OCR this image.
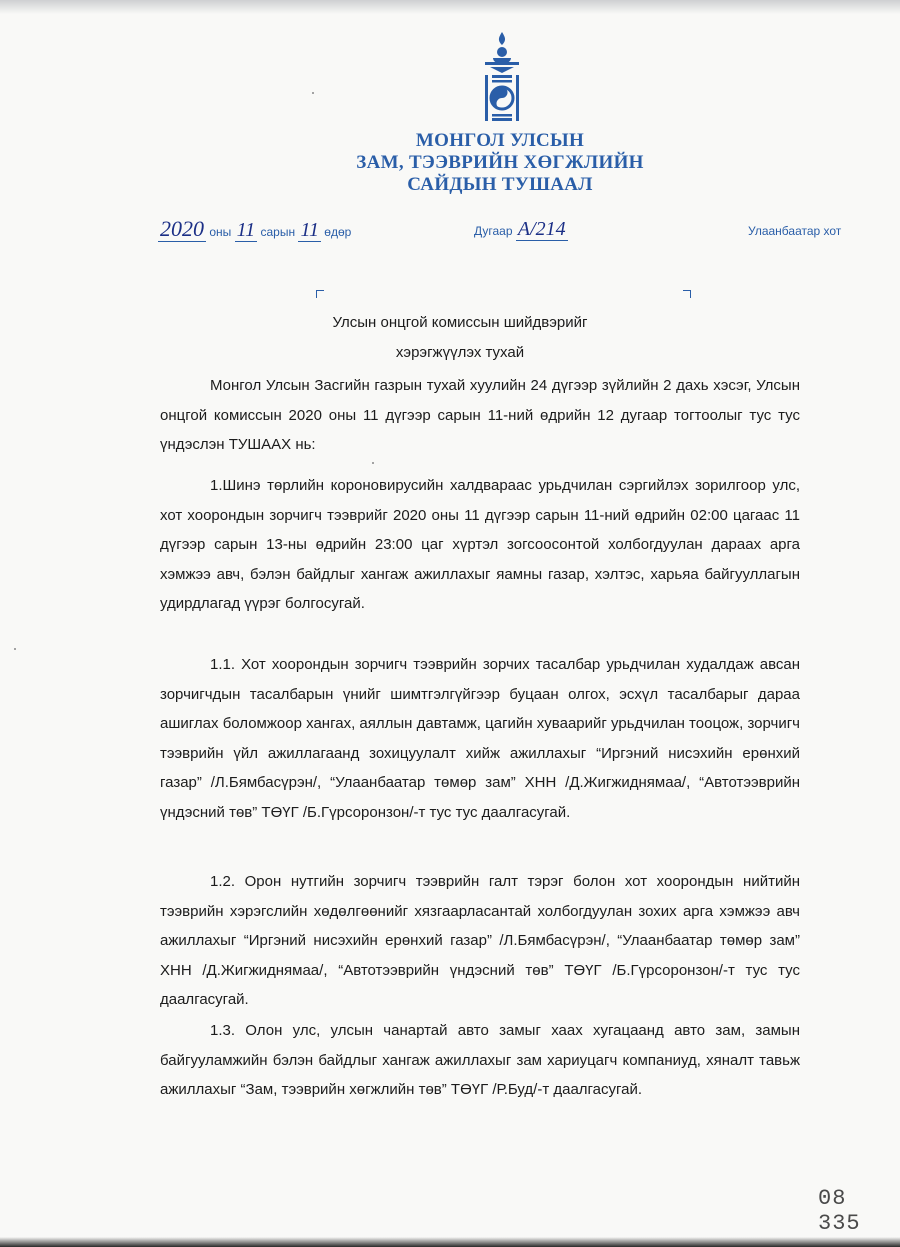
МОНГОЛ УЛСЫН
ЗАМ, ТЭЭВРИЙН ХӨГЖЛИЙН
САЙДЫН ТУШААЛ
2020 оны 11 сарын 11 өдөр	Дугаар А/214	Улаанбаатар хот
Улсын онцгой комиссын шийдвэрийг
хэрэгжүүлэх тухай

Монгол Улсын Засгийн газрын тухай хуулийн 24 дүгээр зүйлийн 2 дахь хэсэг, Улсын онцгой комиссын 2020 оны 11 дүгээр сарын 11-ний өдрийн 12 дугаар тогтоолыг тус тус үндэслэн ТУШААХ нь:

1.Шинэ төрлийн короновирусийн халдвараас урьдчилан сэргийлэх зорилгоор улс, хот хоорондын зорчигч тээврийг 2020 оны 11 дүгээр сарын 11-ний өдрийн 02:00 цагаас 11 дүгээр сарын 13-ны өдрийн 23:00 цаг хүртэл зогсоосонтой холбогдуулан дараах арга хэмжээ авч, бэлэн байдлыг хангаж ажиллахыг яамны газар, хэлтэс, харьяа байгууллагын удирдлагад үүрэг болгосугай.

1.1. Хот хоорондын зорчигч тээврийн зорчих тасалбар урьдчилан худалдаж авсан зорчигчдын тасалбарын үнийг шимтгэлгүйгээр буцаан олгох, эсхүл тасалбарыг дараа ашиглах боломжоор хангах, аяллын давтамж, цагийн хуваарийг урьдчилан тооцож, зорчигч тээврийн үйл ажиллагаанд зохицуулалт хийж ажиллахыг “Иргэний нисэхийн ерөнхий газар” /Л.Бямбасүрэн/, “Улаанбаатар төмөр зам” ХНН /Д.Жигжиднямаа/, “Автотээврийн үндэсний төв” ТӨҮГ /Б.Гүрсоронзон/-т тус тус даалгасугай.

1.2. Орон нутгийн зорчигч тээврийн галт тэрэг болон хот хоорондын нийтийн тээврийн хэрэгслийн хөдөлгөөнийг хязгаарласантай холбогдуулан зохих арга хэмжээ авч ажиллахыг “Иргэний нисэхийн ерөнхий газар” /Л.Бямбасүрэн/, “Улаанбаатар төмөр зам” ХНН /Д.Жигжиднямаа/, “Автотээврийн үндэсний төв” ТӨҮГ /Б.Гүрсоронзон/-т тус тус даалгасугай.

1.3. Олон улс, улсын чанартай авто замыг хаах хугацаанд авто зам, замын байгууламжийн бэлэн байдлыг хангаж ажиллахыг зам хариуцагч компаниуд, хяналт тавьж ажиллахыг “Зам, тээврийн хөгжлийн төв” ТӨҮГ /Р.Буд/-т даалгасугай.

08 335
